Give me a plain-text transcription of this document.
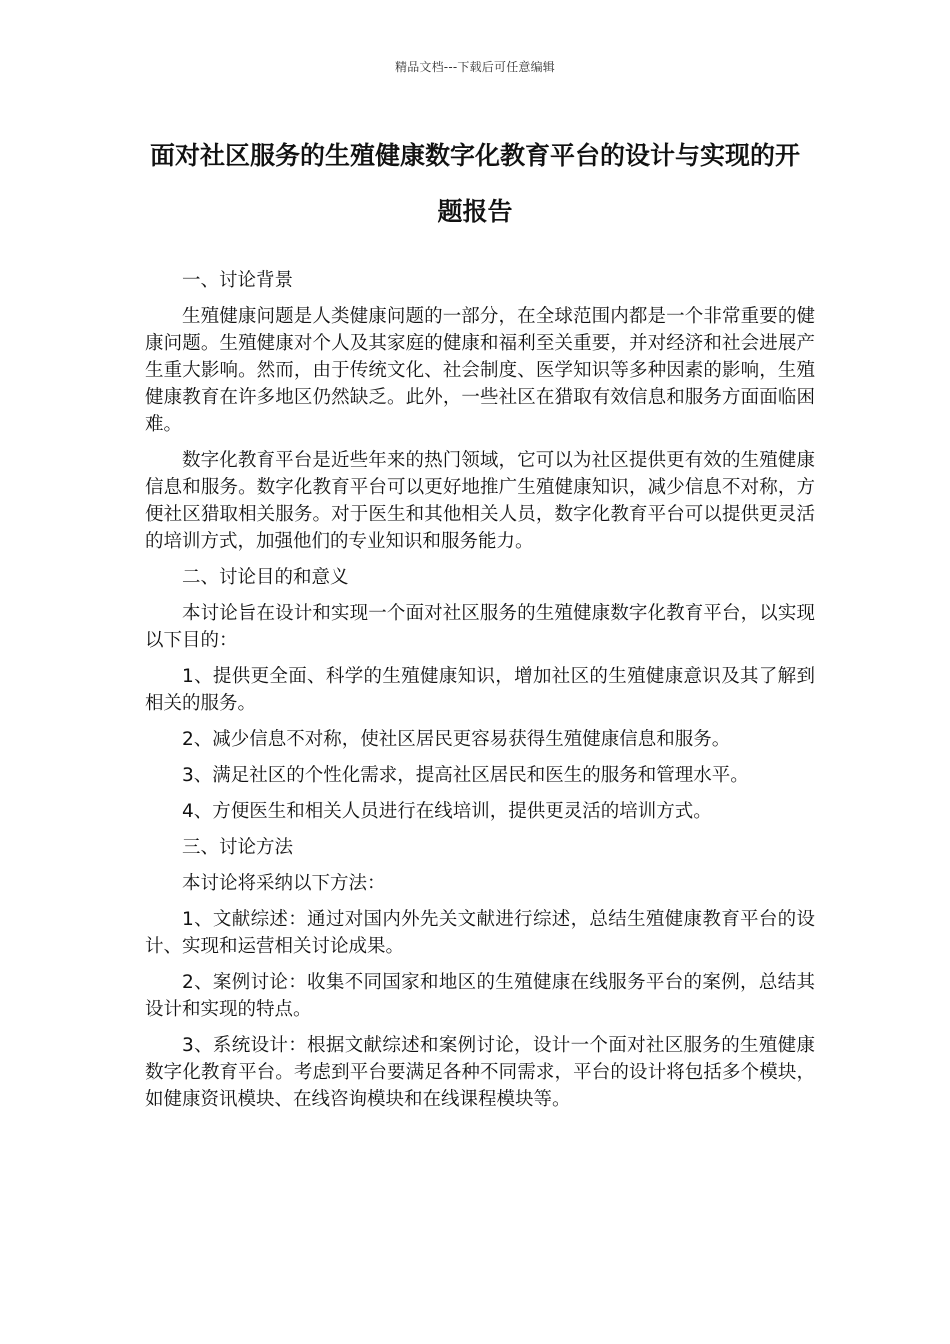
精品文档---下载后可任意编辑
面对社区服务的生殖健康数字化教育平台的设计与实现的开题报告

一、讨论背景

生殖健康问题是人类健康问题的一部分，在全球范围内都是一个非常重要的健康问题。生殖健康对个人及其家庭的健康和福利至关重要，并对经济和社会进展产生重大影响。然而，由于传统文化、社会制度、医学知识等多种因素的影响，生殖健康教育在许多地区仍然缺乏。此外，一些社区在猎取有效信息和服务方面面临困难。

数字化教育平台是近些年来的热门领域，它可以为社区提供更有效的生殖健康信息和服务。数字化教育平台可以更好地推广生殖健康知识，减少信息不对称，方便社区猎取相关服务。对于医生和其他相关人员，数字化教育平台可以提供更灵活的培训方式，加强他们的专业知识和服务能力。

二、讨论目的和意义

本讨论旨在设计和实现一个面对社区服务的生殖健康数字化教育平台，以实现以下目的：

1、提供更全面、科学的生殖健康知识，增加社区的生殖健康意识及其了解到相关的服务。

2、减少信息不对称，使社区居民更容易获得生殖健康信息和服务。

3、满足社区的个性化需求，提高社区居民和医生的服务和管理水平。

4、方便医生和相关人员进行在线培训，提供更灵活的培训方式。

三、讨论方法

本讨论将采纳以下方法：

1、文献综述：通过对国内外先关文献进行综述，总结生殖健康教育平台的设计、实现和运营相关讨论成果。

2、案例讨论：收集不同国家和地区的生殖健康在线服务平台的案例，总结其设计和实现的特点。

3、系统设计：根据文献综述和案例讨论，设计一个面对社区服务的生殖健康数字化教育平台。考虑到平台要满足各种不同需求，平台的设计将包括多个模块，如健康资讯模块、在线咨询模块和在线课程模块等。
